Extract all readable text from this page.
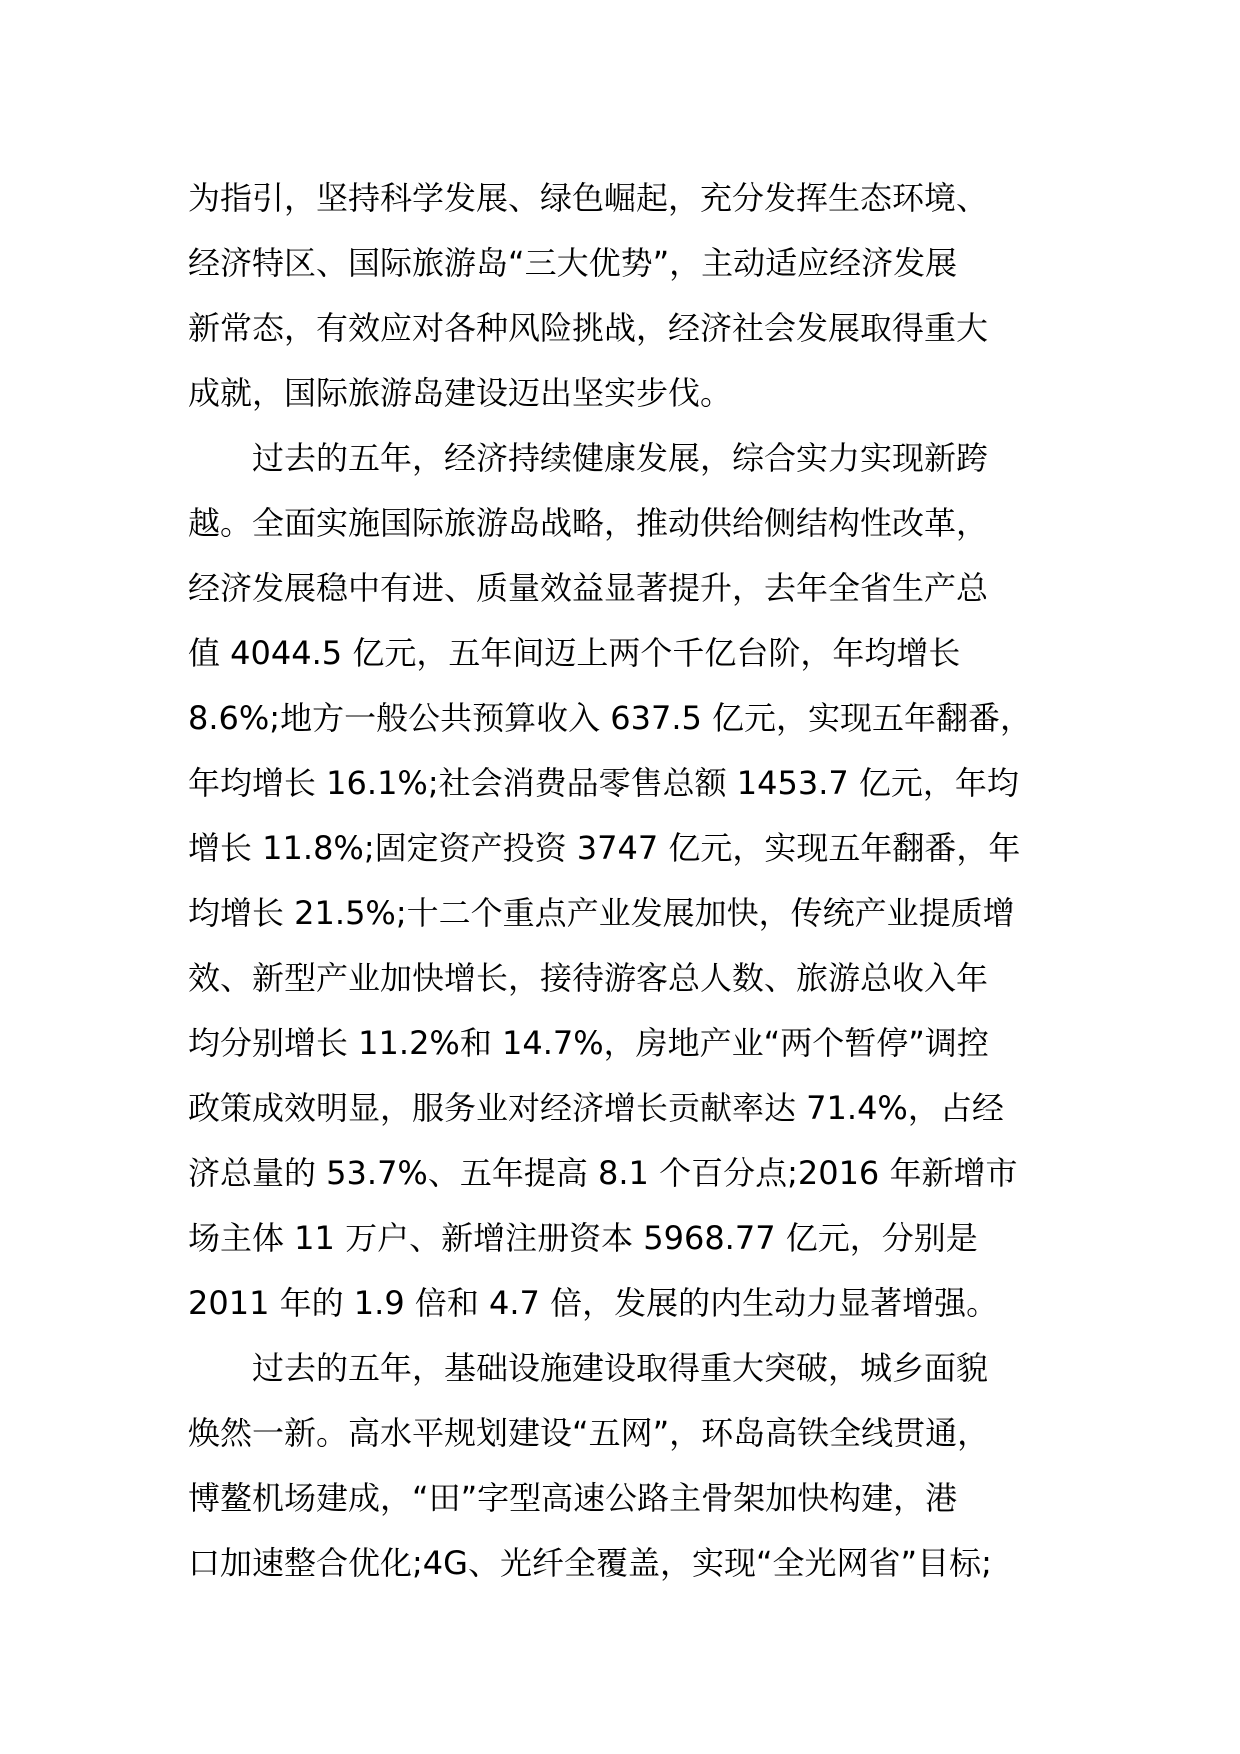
为指引，坚持科学发展、绿色崛起，充分发挥生态环境、
经济特区、国际旅游岛“三大优势”，主动适应经济发展
新常态，有效应对各种风险挑战，经济社会发展取得重大
成就，国际旅游岛建设迈出坚实步伐。
　　过去的五年，经济持续健康发展，综合实力实现新跨
越。全面实施国际旅游岛战略，推动供给侧结构性改革，
经济发展稳中有进、质量效益显著提升，去年全省生产总
值 4044.5 亿元，五年间迈上两个千亿台阶，年均增长
8.6%;地方一般公共预算收入 637.5 亿元，实现五年翻番，
年均增长 16.1%;社会消费品零售总额 1453.7 亿元，年均
增长 11.8%;固定资产投资 3747 亿元，实现五年翻番，年
均增长 21.5%;十二个重点产业发展加快，传统产业提质增
效、新型产业加快增长，接待游客总人数、旅游总收入年
均分别增长 11.2%和 14.7%，房地产业“两个暂停”调控
政策成效明显，服务业对经济增长贡献率达 71.4%，占经
济总量的 53.7%、五年提高 8.1 个百分点;2016 年新增市
场主体 11 万户、新增注册资本 5968.77 亿元，分别是
2011 年的 1.9 倍和 4.7 倍，发展的内生动力显著增强。
　　过去的五年，基础设施建设取得重大突破，城乡面貌
焕然一新。高水平规划建设“五网”，环岛高铁全线贯通，
博鳌机场建成，“田”字型高速公路主骨架加快构建，港
口加速整合优化;4G、光纤全覆盖，实现“全光网省”目标;
